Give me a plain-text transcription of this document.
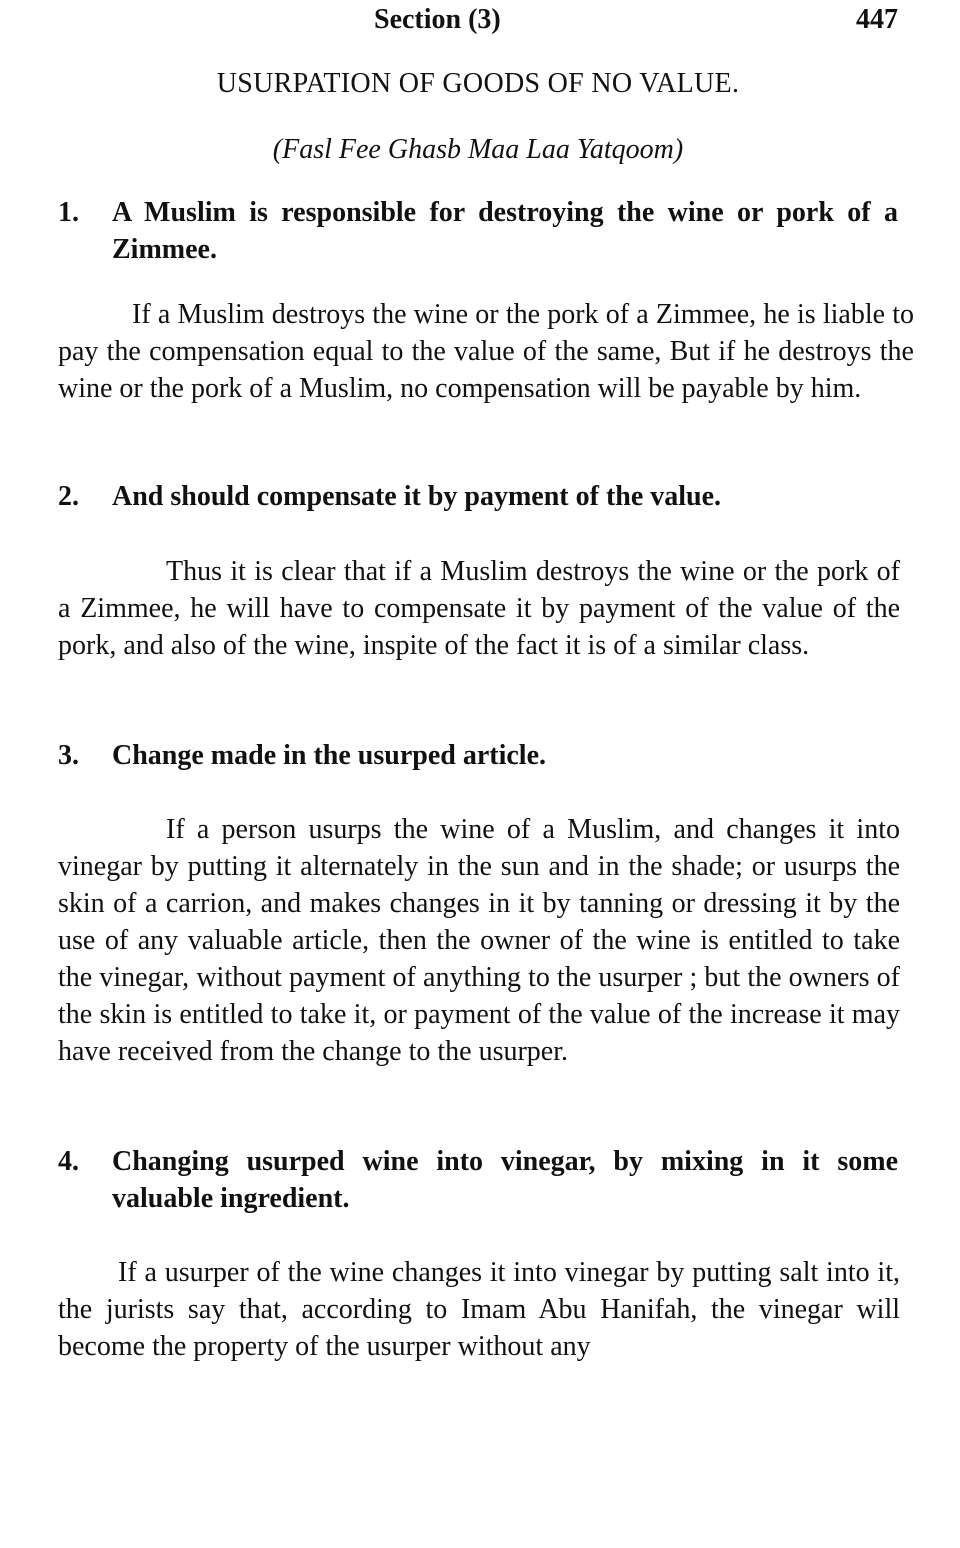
Section (3)	447
USURPATION OF GOODS OF NO VALUE.
(Fasl Fee Ghasb Maa Laa Yatqoom)
1.	A Muslim is responsible for destroying the wine or pork of a Zimmee.

If a Muslim destroys the wine or the pork of a Zimmee, he is liable to pay the compensation equal to the value of the same, But if he destroys the wine or the pork of a Muslim, no compensation will be payable by him.

2.	And should compensate it by payment of the value.

Thus it is clear that if a Muslim destroys the wine or the pork of a Zimmee, he will have to compensate it by payment of the value of the pork, and also of the wine, inspite of the fact it is of a similar class.

3.	Change made in the usurped article.

If a person usurps the wine of a Muslim, and changes it into vinegar by putting it alternately in the sun and in the shade; or usurps the skin of a carrion, and makes changes in it by tanning or dressing it by the use of any valuable article, then the owner of the wine is entitled to take the vinegar, without payment of anything to the usurper ; but the owners of the skin is entitled to take it, or payment of the value of the increase it may have received from the change to the usurper.

4.	Changing usurped wine into vinegar, by mixing in it some valuable ingredient.

If a usurper of the wine changes it into vinegar by putting salt into it, the jurists say that, according to Imam Abu Hanifah, the vinegar will become the property of the usurper without any
